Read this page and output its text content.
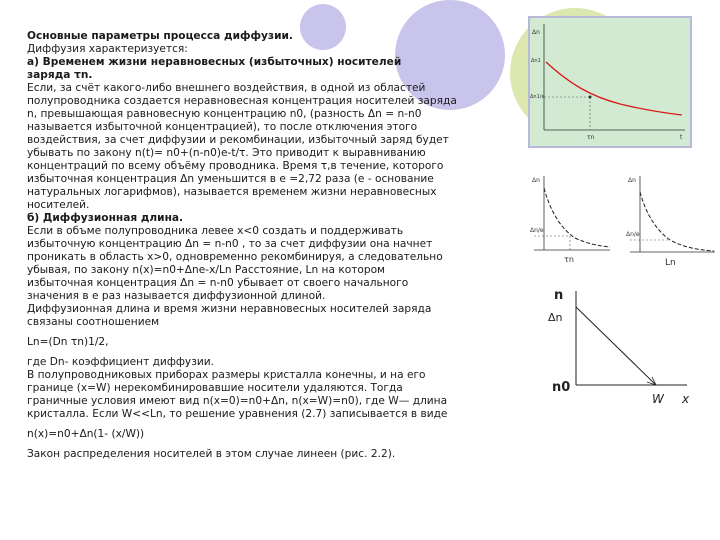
Основные параметры процесса диффузии.
Диффузия характеризуется:
а) Временем жизни неравновесных (избыточных) носителей
заряда τn.
Если, за счёт какого-либо внешнего воздействия, в одной из областей
полупроводника создается неравновесная концентрация носителей заряда
n, превышающая равновесную концентрацию n0, (разность Δn = n-n0
называется избыточной концентрацией), то после отключения этого
воздействия, за счет диффузии и рекомбинации, избыточный заряд будет
убывать по закону n(t)= n0+(n-n0)e-t/τ. Это приводит к выравниванию
концентраций по всему объёму проводника. Время τ,в течение, которого
избыточная концентрация Δn уменьшится в e =2,72 раза (e - основание
натуральных логарифмов), называется временем жизни неравновесных
носителей.
б) Диффузионная длина.
Если в объме полупроводника левее x<0 создать и поддерживать
избыточную концентрацию Δn = n-n0 , то за счет диффузии она начнет
проникать в область x>0, одновременно рекомбинируя, а следовательно
убывая, по закону n(x)=n0+Δne-x/Ln Расстояние, Ln на котором
избыточная концентрация Δn = n-n0 убывает от своего начального
значения в e раз называется диффузионной длиной.
Диффузионная длина и время жизни неравновесных носителей заряда
связаны соотношением
Ln=(Dn τn)1/2,
где Dn- коэффициент диффузии.
В полупроводниковых приборах размеры кристалла конечны, и на его
границе (x=W) нерекомбинировавшие носители удаляются. Тогда
граничные условия имеют вид n(x=0)=n0+Δn, n(x=W)=n0), где W— длина
кристалла. Если W<<Ln, то решение уравнения (2.7) записывается в виде
n(x)=n0+Δn(1- (x/W))
Закон распределения носителей в этом случае линеен (рис. 2.2).
Δn
Δn1
Δn1/e
τn	t
Δn
Δn/e
τn
Δn
Δn/e
Ln
n
Δn
n0
W x
